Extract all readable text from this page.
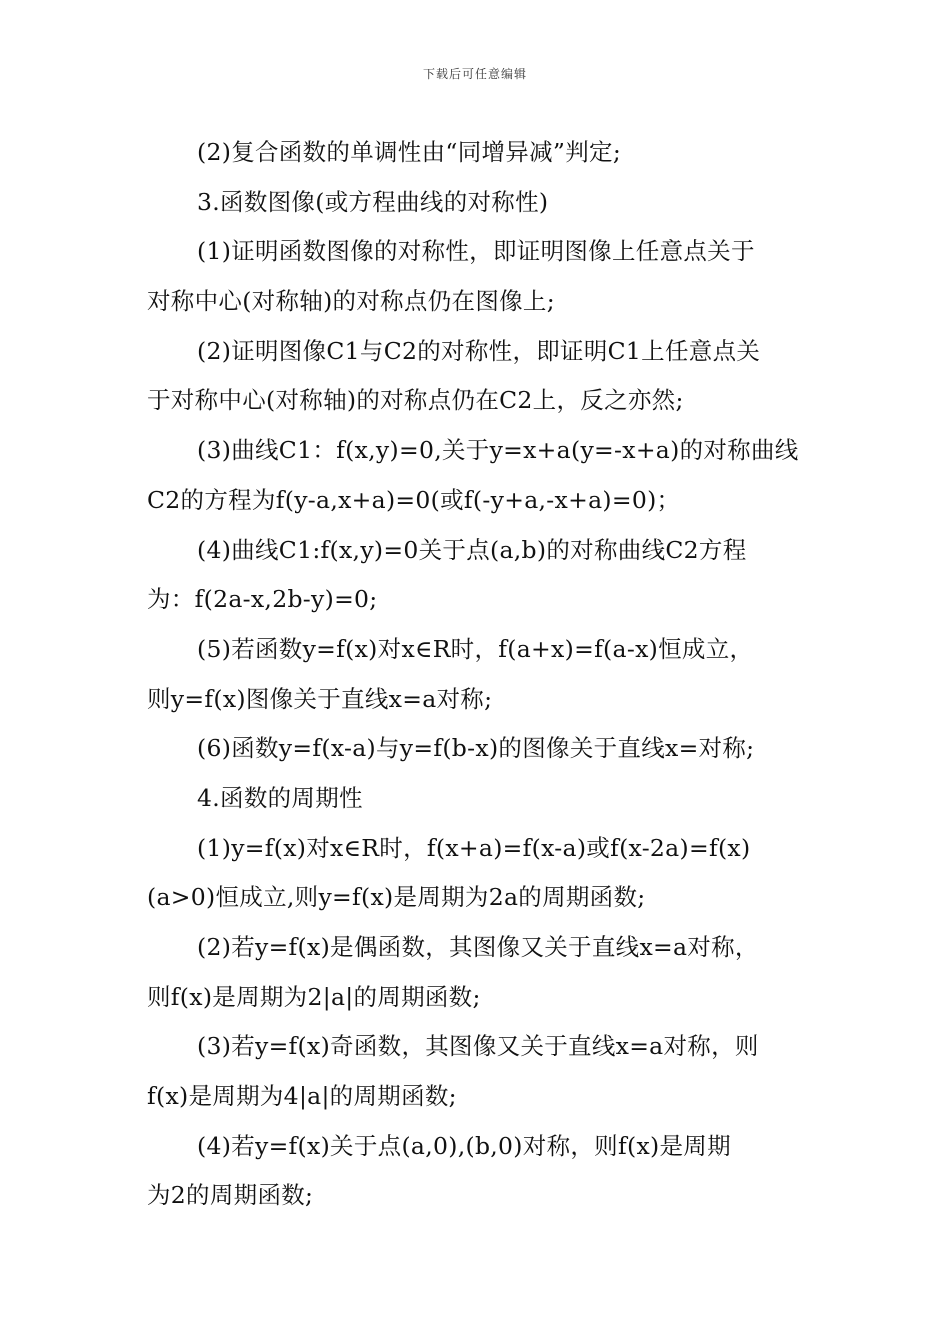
下载后可任意编辑
(2)复合函数的单调性由“同增异减”判定;
3.函数图像(或方程曲线的对称性)
(1)证明函数图像的对称性，即证明图像上任意点关于
对称中心(对称轴)的对称点仍在图像上;
(2)证明图像C1与C2的对称性，即证明C1上任意点关
于对称中心(对称轴)的对称点仍在C2上，反之亦然;
(3)曲线C1：f(x,y)=0,关于y=x+a(y=-x+a)的对称曲线
C2的方程为f(y-a,x+a)=0(或f(-y+a,-x+a)=0)；
(4)曲线C1:f(x,y)=0关于点(a,b)的对称曲线C2方程
为：f(2a-x,2b-y)=0;
(5)若函数y=f(x)对x∈R时，f(a+x)=f(a-x)恒成立，
则y=f(x)图像关于直线x=a对称;
(6)函数y=f(x-a)与y=f(b-x)的图像关于直线x=对称;
4.函数的周期性
(1)y=f(x)对x∈R时，f(x+a)=f(x-a)或f(x-2a)=f(x)
(a>0)恒成立,则y=f(x)是周期为2a的周期函数;
(2)若y=f(x)是偶函数，其图像又关于直线x=a对称，
则f(x)是周期为2|a|的周期函数;
(3)若y=f(x)奇函数，其图像又关于直线x=a对称，则
f(x)是周期为4|a|的周期函数;
(4)若y=f(x)关于点(a,0),(b,0)对称，则f(x)是周期
为2的周期函数;
